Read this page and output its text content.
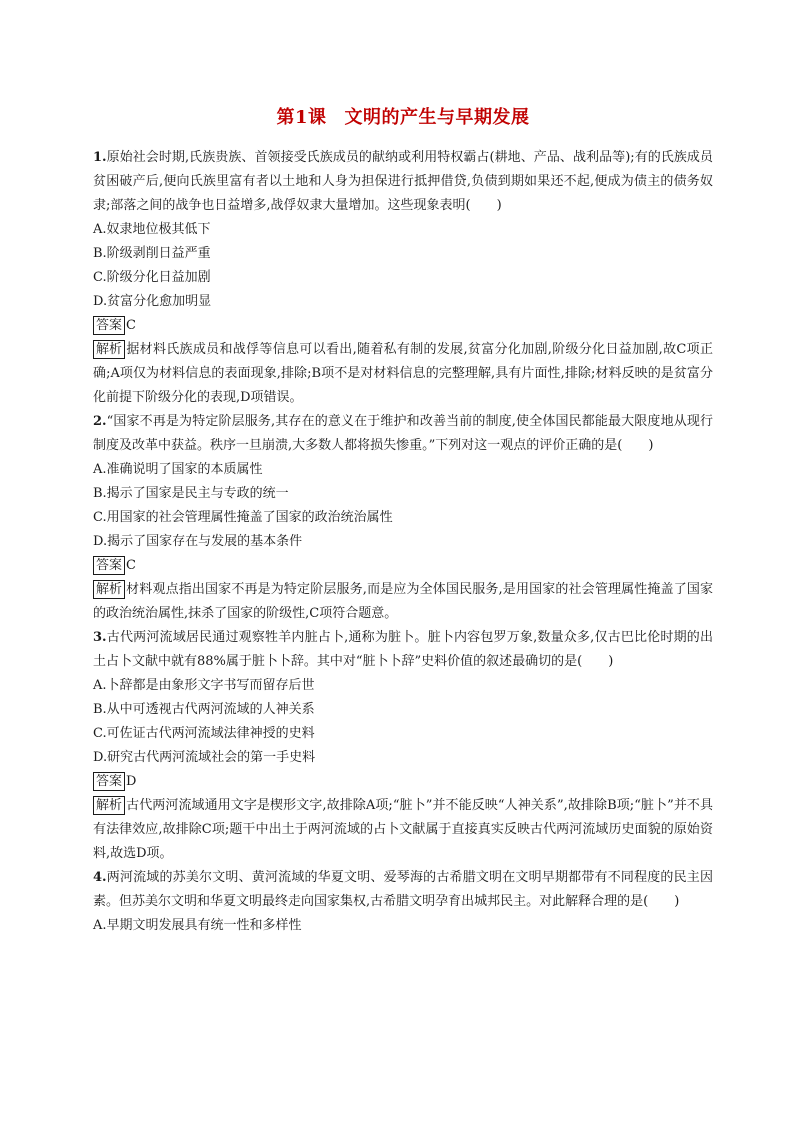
第1课 文明的产生与早期发展

1.原始社会时期,氏族贵族、首领接受氏族成员的献纳或利用特权霸占(耕地、产品、战利品等);有的氏族成员贫困破产后,便向氏族里富有者以土地和人身为担保进行抵押借贷,负债到期如果还不起,便成为债主的债务奴隶;部落之间的战争也日益增多,战俘奴隶大量增加。这些现象表明(　　)

A.奴隶地位极其低下

B.阶级剥削日益严重

C.阶级分化日益加剧

D.贫富分化愈加明显

答案 C

解析 据材料氏族成员和战俘等信息可以看出,随着私有制的发展,贫富分化加剧,阶级分化日益加剧,故C项正确;A项仅为材料信息的表面现象,排除;B项不是对材料信息的完整理解,具有片面性,排除;材料反映的是贫富分化前提下阶级分化的表现,D项错误。

2.“国家不再是为特定阶层服务,其存在的意义在于维护和改善当前的制度,使全体国民都能最大限度地从现行制度及改革中获益。秩序一旦崩溃,大多数人都将损失惨重。”下列对这一观点的评价正确的是(　　)

A.准确说明了国家的本质属性

B.揭示了国家是民主与专政的统一

C.用国家的社会管理属性掩盖了国家的政治统治属性

D.揭示了国家存在与发展的基本条件

答案 C

解析 材料观点指出国家不再是为特定阶层服务,而是应为全体国民服务,是用国家的社会管理属性掩盖了国家的政治统治属性,抹杀了国家的阶级性,C项符合题意。

3.古代两河流域居民通过观察牲羊内脏占卜,通称为脏卜。脏卜内容包罗万象,数量众多,仅古巴比伦时期的出土占卜文献中就有88%属于脏卜卜辞。其中对“脏卜卜辞”史料价值的叙述最确切的是(　　)

A.卜辞都是由象形文字书写而留存后世

B.从中可透视古代两河流域的人神关系

C.可佐证古代两河流域法律神授的史料

D.研究古代两河流域社会的第一手史料

答案 D

解析 古代两河流域通用文字是楔形文字,故排除A项;“脏卜”并不能反映“人神关系”,故排除B项;“脏卜”并不具有法律效应,故排除C项;题干中出土于两河流域的占卜文献属于直接真实反映古代两河流域历史面貌的原始资料,故选D项。

4.两河流域的苏美尔文明、黄河流域的华夏文明、爱琴海的古希腊文明在文明早期都带有不同程度的民主因素。但苏美尔文明和华夏文明最终走向国家集权,古希腊文明孕育出城邦民主。对此解释合理的是(　　)

A.早期文明发展具有统一性和多样性
